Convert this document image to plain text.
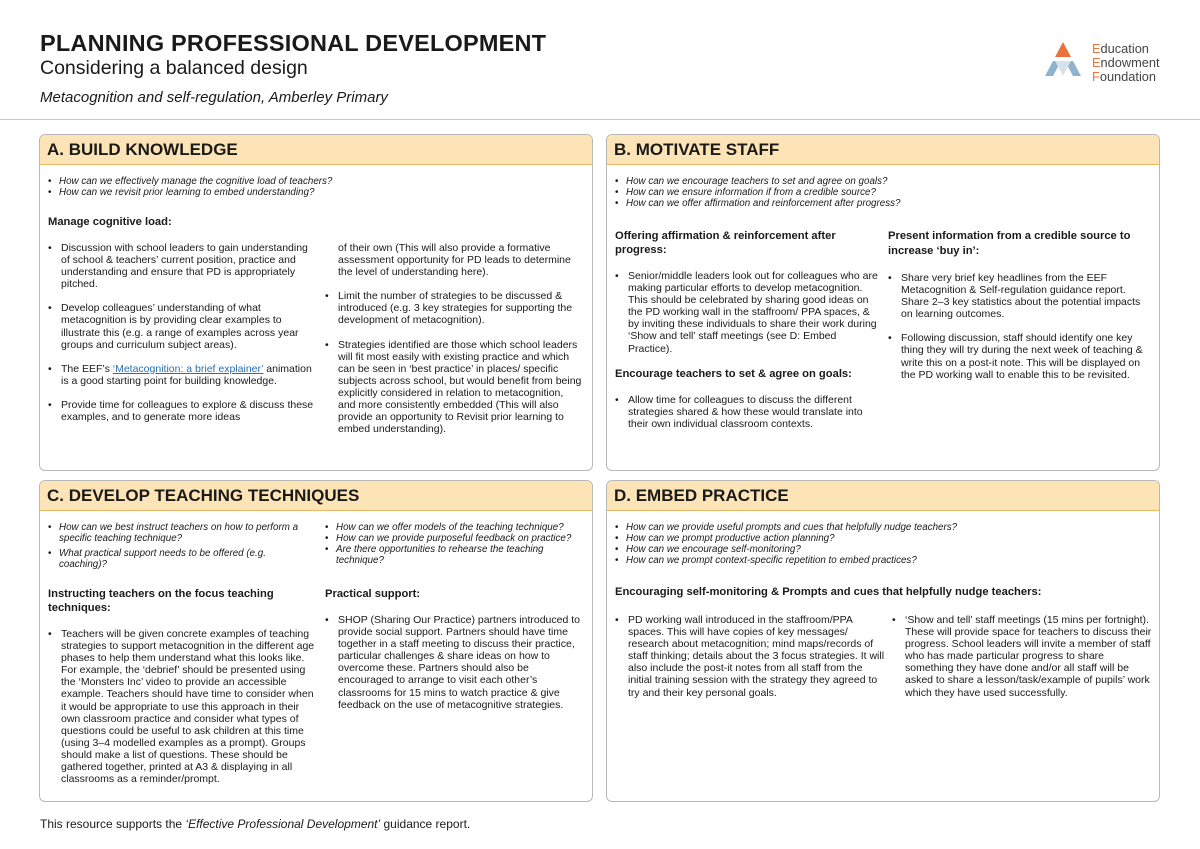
PLANNING PROFESSIONAL DEVELOPMENT
Considering a balanced design
Metacognition and self-regulation, Amberley Primary
Education
Endowment
Foundation
A. BUILD KNOWLEDGE
• How can we effectively manage the cognitive load of teachers?
• How can we revisit prior learning to embed understanding?
Manage cognitive load:
• Discussion with school leaders to gain understanding of school & teachers’ current position, practice and understanding and ensure that PD is appropriately pitched.
• Develop colleagues’ understanding of what metacognition is by providing clear examples to illustrate this (e.g. a range of examples across year groups and curriculum subject areas).
• The EEF’s ‘Metacognition: a brief explainer’ animation is a good starting point for building knowledge.
• Provide time for colleagues to explore & discuss these examples, and to generate more ideas
of their own (This will also provide a formative assessment opportunity for PD leads to determine the level of understanding here).
• Limit the number of strategies to be discussed & introduced (e.g. 3 key strategies for supporting the development of metacognition).
• Strategies identified are those which school leaders will fit most easily with existing practice and which can be seen in ‘best practice’ in places/ specific subjects across school, but would benefit from being explicitly considered in relation to metacognition, and more consistently embedded (This will also provide an opportunity to Revisit prior learning to embed understanding).
B. MOTIVATE STAFF
• How can we encourage teachers to set and agree on goals?
• How can we ensure information if from a credible source?
• How can we offer affirmation and reinforcement after progress?
Offering affirmation & reinforcement after progress:
• Senior/middle leaders look out for colleagues who are making particular efforts to develop metacognition. This should be celebrated by sharing good ideas on the PD working wall in the staffroom/ PPA spaces, & by inviting these individuals to share their work during ‘Show and tell’ staff meetings (see D: Embed Practice).
Encourage teachers to set & agree on goals:
• Allow time for colleagues to discuss the different strategies shared & how these would translate into their own individual classroom contexts.
Present information from a credible source to increase ‘buy in’:
• Share very brief key headlines from the EEF Metacognition & Self-regulation guidance report. Share 2–3 key statistics about the potential impacts on learning outcomes.
• Following discussion, staff should identify one key thing they will try during the next week of teaching & write this on a post-it note. This will be displayed on the PD working wall to enable this to be revisited.
C. DEVELOP TEACHING TECHNIQUES
• How can we best instruct teachers on how to perform a specific teaching technique?
• What practical support needs to be offered (e.g. coaching)?
• How can we offer models of the teaching technique?
• How can we provide purposeful feedback on practice?
• Are there opportunities to rehearse the teaching technique?
Instructing teachers on the focus teaching techniques:
• Teachers will be given concrete examples of teaching strategies to support metacognition in the different age phases to help them understand what this looks like. For example, the ‘debrief’ should be presented using the ‘Monsters Inc’ video to provide an accessible example. Teachers should have time to consider when it would be appropriate to use this approach in their own classroom practice and consider what types of questions could be useful to ask children at this time (using 3–4 modelled examples as a prompt). Groups should make a list of questions. These should be gathered together, printed at A3 & displaying in all classrooms as a reminder/prompt.
Practical support:
• SHOP (Sharing Our Practice) partners introduced to provide social support. Partners should have time together in a staff meeting to discuss their practice, particular challenges & share ideas on how to overcome these. Partners should also be encouraged to arrange to visit each other’s classrooms for 15 mins to watch practice & give feedback on the use of metacognitive strategies.
D. EMBED PRACTICE
• How can we provide useful prompts and cues that helpfully nudge teachers?
• How can we prompt productive action planning?
• How can we encourage self-monitoring?
• How can we prompt context-specific repetition to embed practices?
Encouraging self-monitoring & Prompts and cues that helpfully nudge teachers:
• PD working wall introduced in the staffroom/PPA spaces. This will have copies of key messages/ research about metacognition; mind maps/records of staff thinking; details about the 3 focus strategies. It will also include the post-it notes from all staff from the initial training session with the strategy they agreed to try and their key personal goals.
• ‘Show and tell’ staff meetings (15 mins per fortnight). These will provide space for teachers to discuss their progress. School leaders will invite a member of staff who has made particular progress to share something they have done and/or all staff will be asked to share a lesson/task/example of pupils’ work which they have used successfully.
This resource supports the ‘Effective Professional Development’ guidance report.
